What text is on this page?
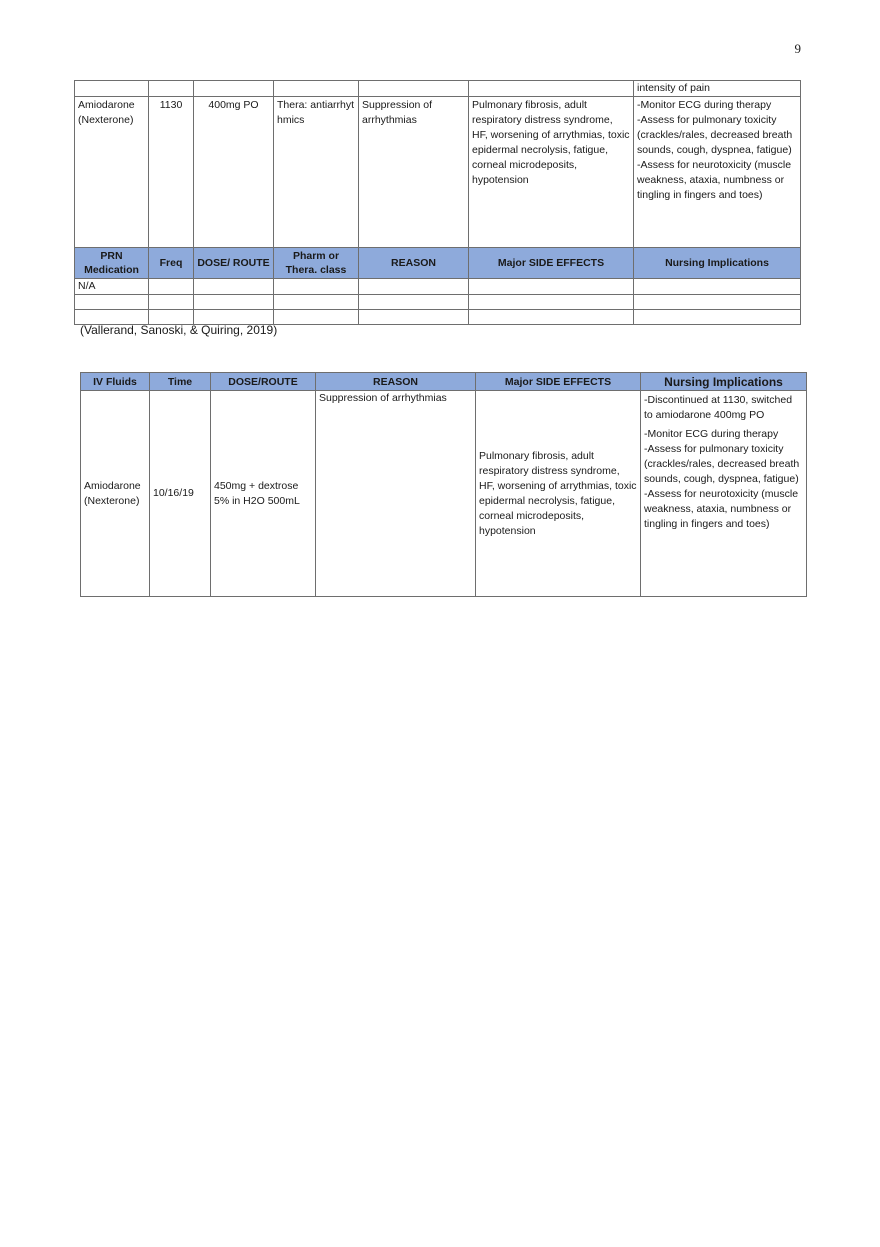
9
						intensity of pain
Amiodarone (Nexterone)	1130	400mg PO	Thera: antiarrhythmics	Suppression of arrhythmias	Pulmonary fibrosis, adult respiratory distress syndrome, HF, worsening of arrythmias, toxic epidermal necrolysis, fatigue, corneal microdeposits, hypotension	-Monitor ECG during therapy
-Assess for pulmonary toxicity (crackles/rales, decreased breath sounds, cough, dyspnea, fatigue)
-Assess for neurotoxicity (muscle weakness, ataxia, numbness or tingling in fingers and toes)

PRN Medication	Freq	DOSE/ ROUTE	Pharm or Thera. class	REASON	Major SIDE EFFECTS	Nursing Implications
N/A						

(Vallerand, Sanoski, & Quiring, 2019)
IV Fluids	Time	DOSE/ROUTE	REASON	Major SIDE EFFECTS	Nursing Implications
Amiodarone (Nexterone)	10/16/19	450mg + dextrose 5% in H2O 500mL	Suppression of arrhythmias	Pulmonary fibrosis, adult respiratory distress syndrome, HF, worsening of arrythmias, toxic epidermal necrolysis, fatigue, corneal microdeposits, hypotension	-Discontinued at 1130, switched to amiodarone 400mg PO
-Monitor ECG during therapy
-Assess for pulmonary toxicity (crackles/rales, decreased breath sounds, cough, dyspnea, fatigue)
-Assess for neurotoxicity (muscle weakness, ataxia, numbness or tingling in fingers and toes)
